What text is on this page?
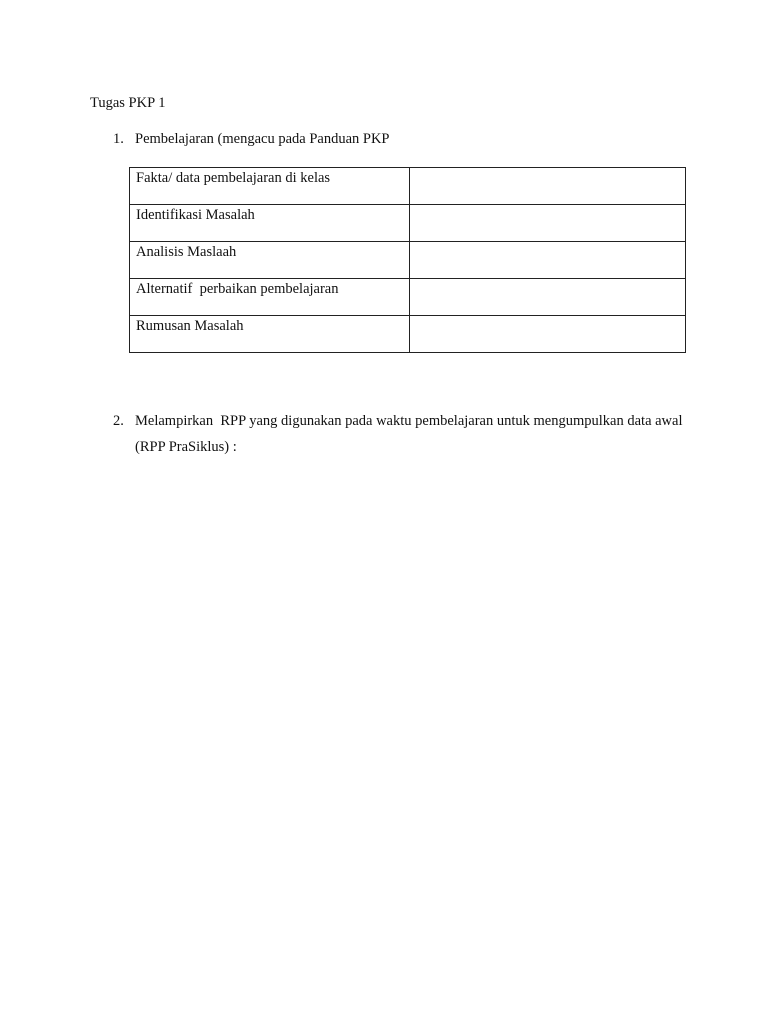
Tugas PKP 1
1. Pembelajaran (mengacu pada Panduan PKP
Fakta/ data pembelajaran di kelas	
Identifikasi Masalah	
Analisis Maslaah	
Alternatif  perbaikan pembelajaran	
Rumusan Masalah	
2. Melampirkan  RPP yang digunakan pada waktu pembelajaran untuk mengumpulkan data awal (RPP PraSiklus) :
